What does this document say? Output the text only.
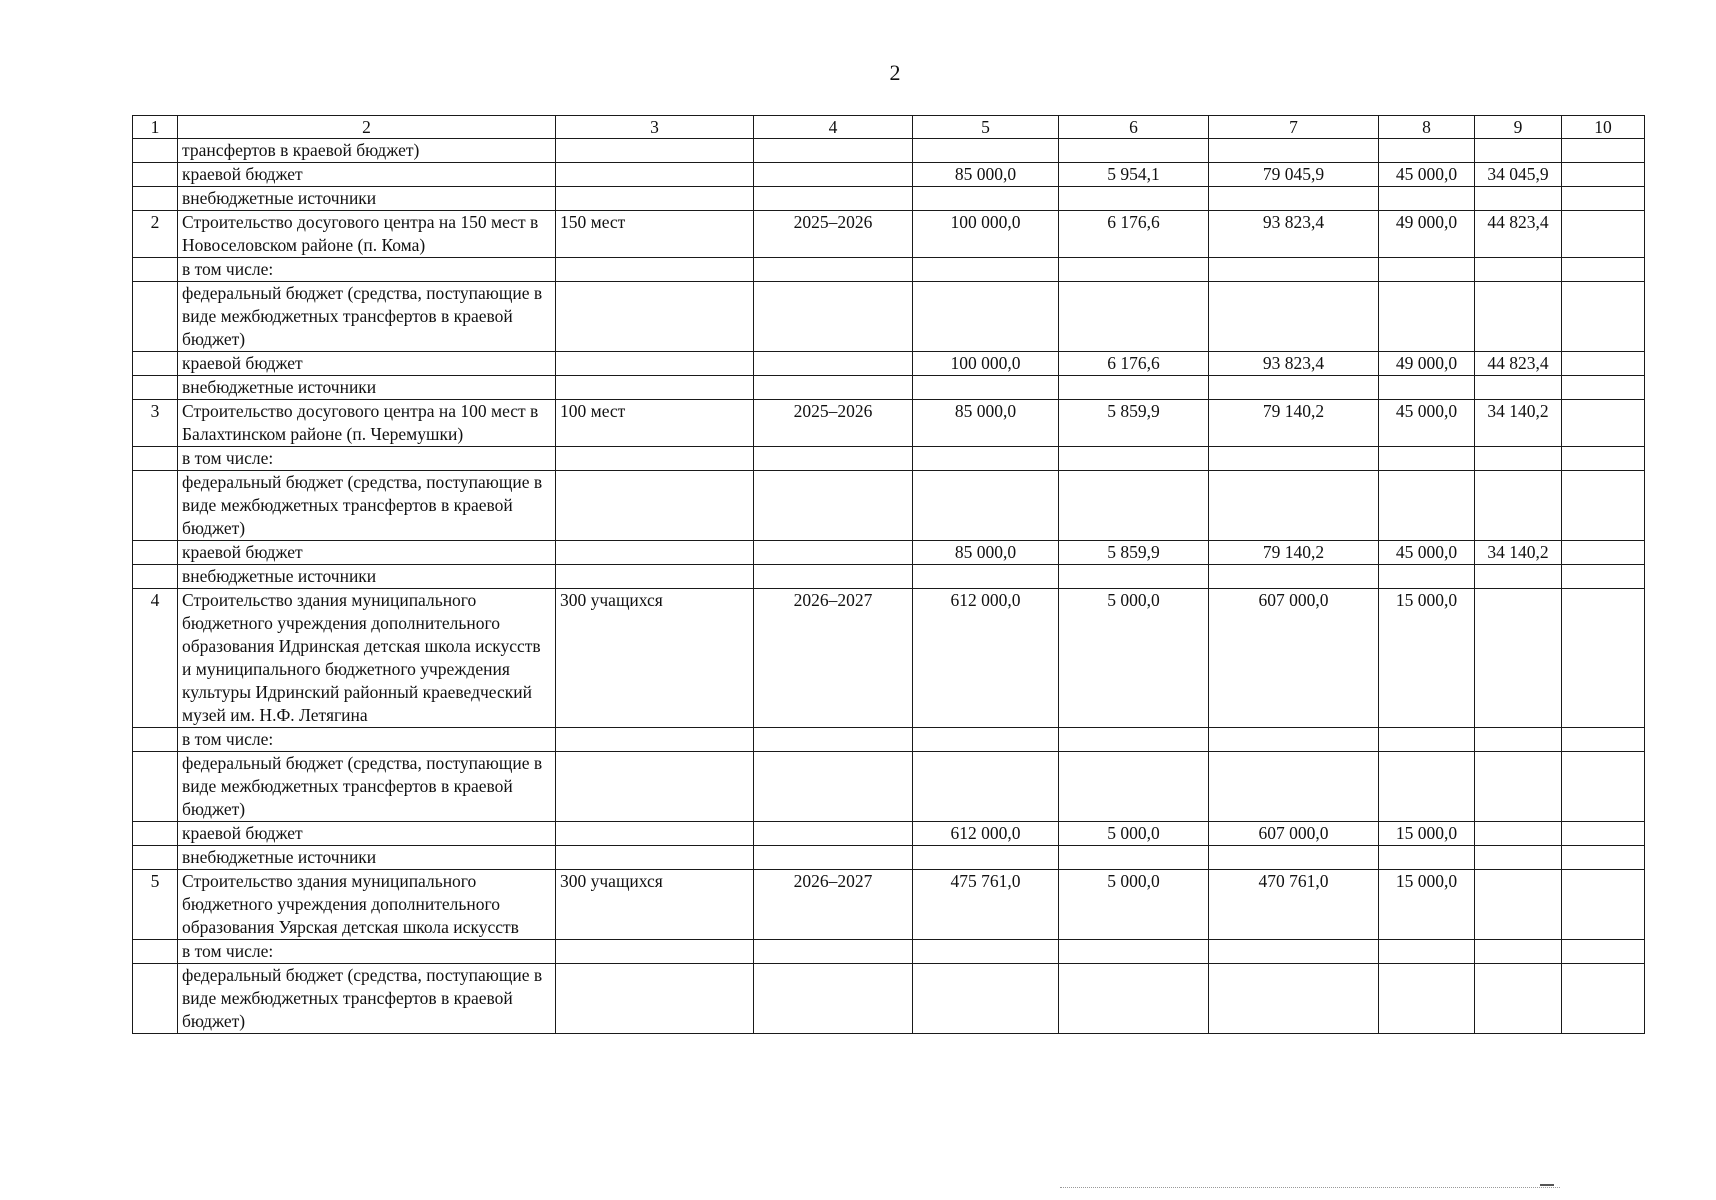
2
1	2	3	4	5	6	7	8	9	10
	трансфертов в краевой бюджет)								
	краевой бюджет			85 000,0	5 954,1	79 045,9	45 000,0	34 045,9	
	внебюджетные источники								
2	Строительство досугового центра на 150 мест в Новоселовском районе (п. Кома)	150 мест	2025–2026	100 000,0	6 176,6	93 823,4	49 000,0	44 823,4	
	в том числе:								
	федеральный бюджет (средства, поступающие в виде межбюджетных трансфертов в краевой бюджет)								
	краевой бюджет			100 000,0	6 176,6	93 823,4	49 000,0	44 823,4	
	внебюджетные источники								
3	Строительство досугового центра на 100 мест в Балахтинском районе (п. Черемушки)	100 мест	2025–2026	85 000,0	5 859,9	79 140,2	45 000,0	34 140,2	
	в том числе:								
	федеральный бюджет (средства, поступающие в виде межбюджетных трансфертов в краевой бюджет)								
	краевой бюджет			85 000,0	5 859,9	79 140,2	45 000,0	34 140,2	
	внебюджетные источники								
4	Строительство здания муниципального бюджетного учреждения дополнительного образования Идринская детская школа искусств и муниципального бюджетного учреждения культуры Идринский районный краеведческий музей им. Н.Ф. Летягина	300 учащихся	2026–2027	612 000,0	5 000,0	607 000,0	15 000,0		
	в том числе:								
	федеральный бюджет (средства, поступающие в виде межбюджетных трансфертов в краевой бюджет)								
	краевой бюджет			612 000,0	5 000,0	607 000,0	15 000,0		
	внебюджетные источники								
5	Строительство здания муниципального бюджетного учреждения дополнительного образования Уярская детская школа искусств	300 учащихся	2026–2027	475 761,0	5 000,0	470 761,0	15 000,0		
	в том числе:								
	федеральный бюджет (средства, поступающие в виде межбюджетных трансфертов в краевой бюджет)								
